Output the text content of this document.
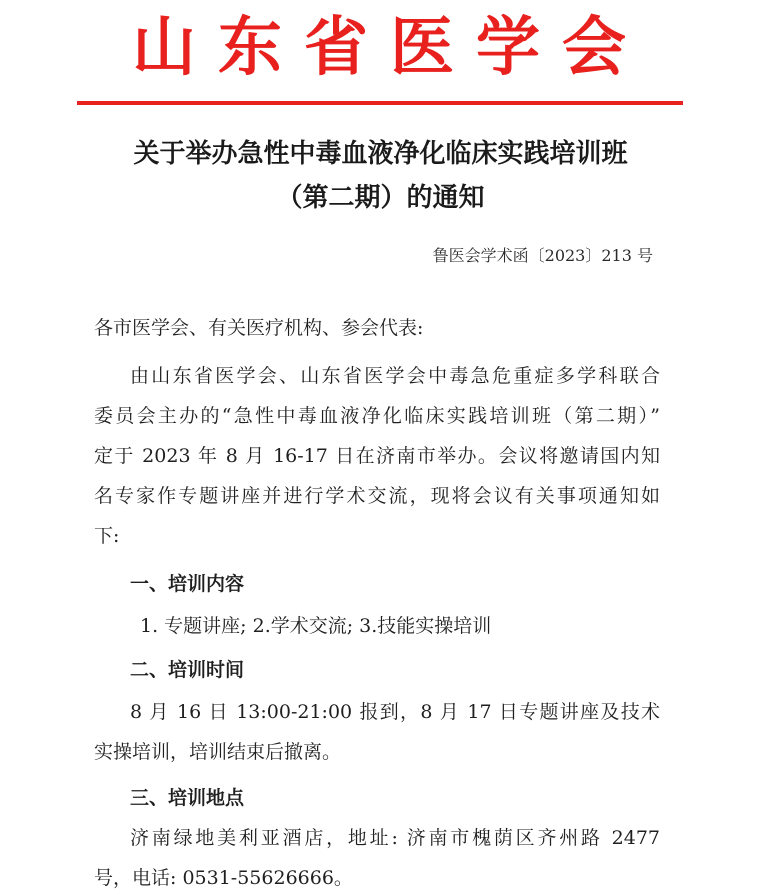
山东省医学会
关于举办急性中毒血液净化临床实践培训班
（第二期）的通知
鲁医会学术函〔2023〕213 号
各市医学会、有关医疗机构、参会代表:
由山东省医学会、山东省医学会中毒急危重症多学科联合
委员会主办的“急性中毒血液净化临床实践培训班（第二期）”
定于 2023 年 8 月 16-17 日在济南市举办。会议将邀请国内知
名专家作专题讲座并进行学术交流，现将会议有关事项通知如
下:
一、培训内容
1. 专题讲座; 2.学术交流; 3.技能实操培训
二、培训时间
8 月 16 日 13:00-21:00 报到，8 月 17 日专题讲座及技术
实操培训，培训结束后撤离。
三、培训地点
济南绿地美利亚酒店，地址: 济南市槐荫区齐州路 2477
号，电话: 0531-55626666。
